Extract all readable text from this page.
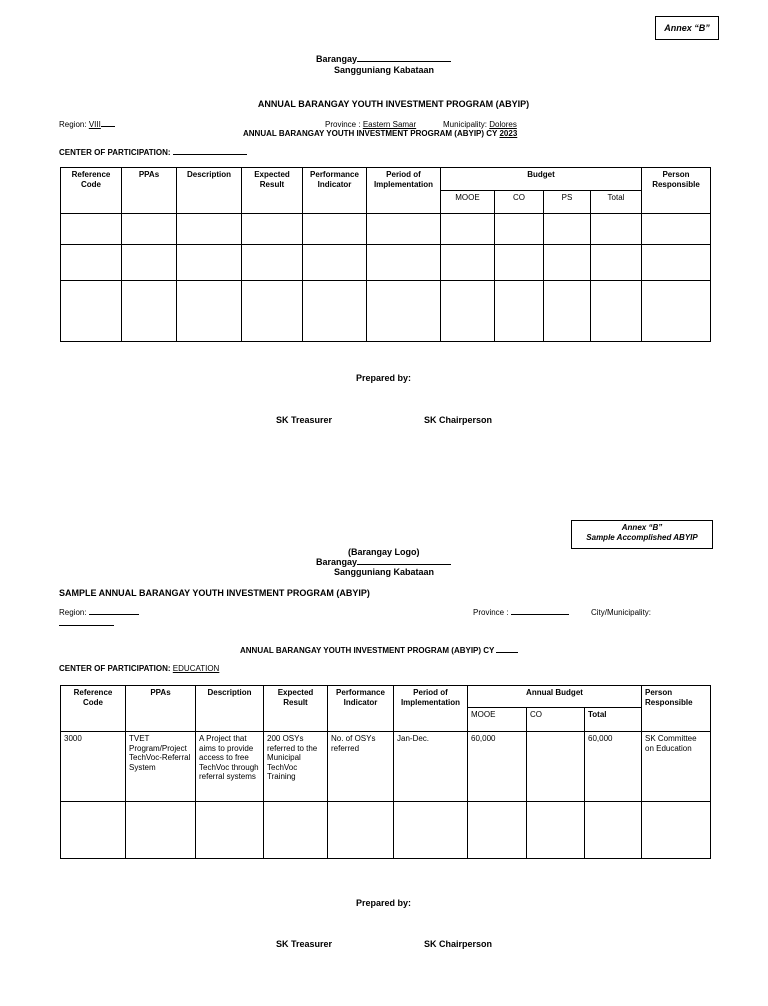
Annex “B”
Barangay
Sangguniang Kabataan
ANNUAL BARANGAY YOUTH INVESTMENT PROGRAM (ABYIP)
Region: VIII	Province : Eastern Samar	Municipality: Dolores
ANNUAL BARANGAY YOUTH INVESTMENT PROGRAM (ABYIP) CY 2023
CENTER OF PARTICIPATION:
Reference Code	PPAs	Description	Expected Result	Performance Indicator	Period of Implementation	Budget				Person Responsible
						MOOE	CO	PS	Total	

Prepared by:
SK Treasurer	SK Chairperson
Annex “B”
Sample Accomplished ABYIP
(Barangay Logo)
Barangay
Sangguniang Kabataan
SAMPLE ANNUAL BARANGAY YOUTH INVESTMENT PROGRAM (ABYIP)
Region:	Province :	City/Municipality:
ANNUAL BARANGAY YOUTH INVESTMENT PROGRAM (ABYIP) CY
CENTER OF PARTICIPATION: EDUCATION
Reference Code	PPAs	Description	Expected Result	Performance Indicator	Period of Implementation	Annual Budget			Person Responsible
						MOOE	CO	Total	
3000	TVET Program/Project TechVoc-Referral System	A Project that aims to provide access to free TechVoc through referral systems	200 OSYs referred to the Municipal TechVoc Training	No. of OSYs referred	Jan-Dec.	60,000		60,000	SK Committee on Education

Prepared by:
SK Treasurer	SK Chairperson
